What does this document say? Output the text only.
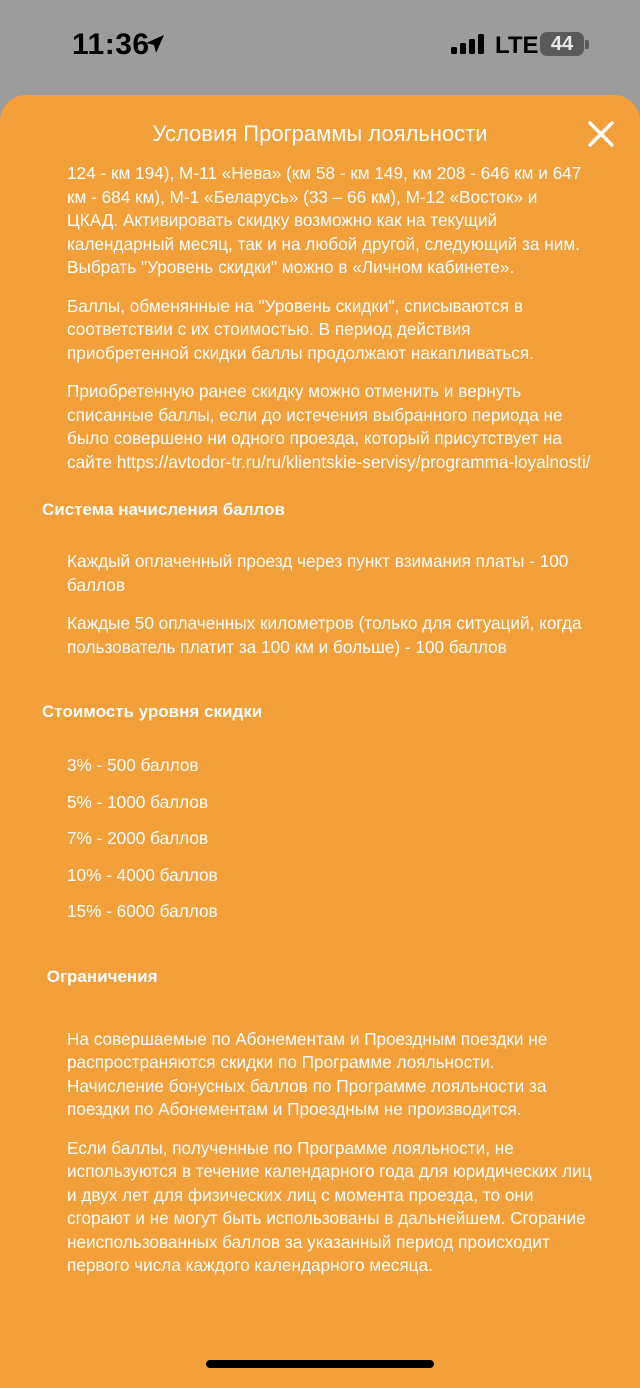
11:36	LTE 44
Условия Программы лояльности

124 - км 194), М-11 «Нева» (км 58 - км 149, км 208 - 646 км и 647 км - 684 км), М-1 «Беларусь» (33 – 66 км), М-12 «Восток» и ЦКАД. Активировать скидку возможно как на текущий календарный месяц, так и на любой другой, следующий за ним. Выбрать "Уровень скидки" можно в «Личном кабинете».

Баллы, обменянные на "Уровень скидки", списываются в соответствии с их стоимостью. В период действия приобретенной скидки баллы продолжают накапливаться.

Приобретенную ранее скидку можно отменить и вернуть списанные баллы, если до истечения выбранного периода не было совершено ни одного проезда, который присутствует на сайте https://avtodor-tr.ru/ru/klientskie-servisy/programma-loyalnosti/

Система начисления баллов

Каждый оплаченный проезд через пункт взимания платы - 100 баллов

Каждые 50 оплаченных километров (только для ситуаций, когда пользователь платит за 100 км и больше) - 100 баллов

Стоимость уровня скидки

3% - 500 баллов

5% - 1000 баллов

7% - 2000 баллов

10% - 4000 баллов

15% - 6000 баллов

Ограничения

На совершаемые по Абонементам и Проездным поездки не распространяются скидки по Программе лояльности. Начисление бонусных баллов по Программе лояльности за поездки по Абонементам и Проездным не производится.

Если баллы, полученные по Программе лояльности, не используются в течение календарного года для юридических лиц и двух лет для физических лиц с момента проезда, то они сгорают и не могут быть использованы в дальнейшем. Сгорание неиспользованных баллов за указанный период происходит первого числа каждого календарного месяца.
